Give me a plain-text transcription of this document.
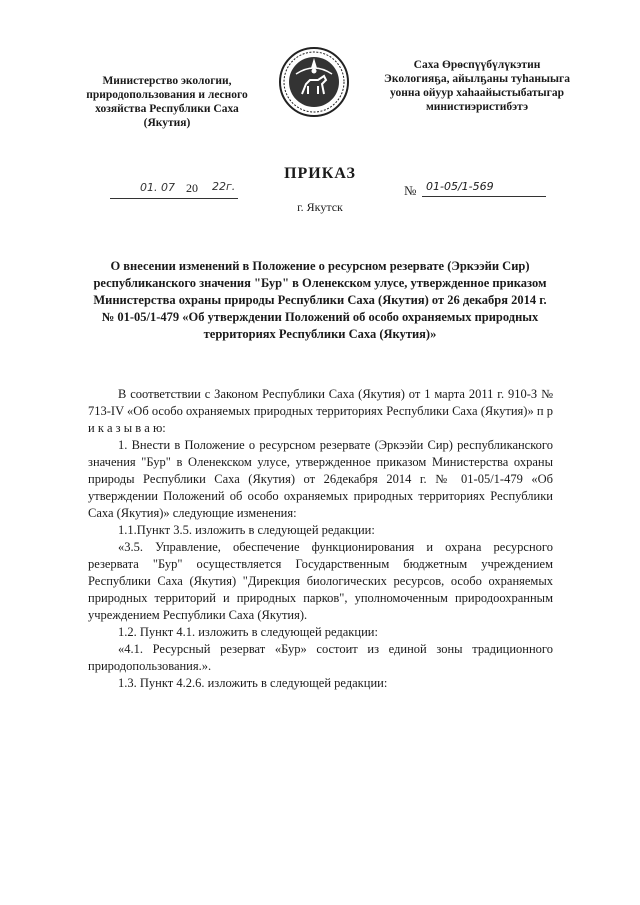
Министерство экологии,
природопользования и лесного
хозяйства Республики Саха (Якутия)
Саха Өрөспүүбүлүкэтин
Экологияҕа, айылҕаны туһаныыга
уонна ойуур хаһаайыстыбатыгар
министиэристибэтэ
ПРИКАЗ
01. 07 20 22г.	№ 01-05/1-569
г. Якутск
О внесении изменений в Положение о ресурсном резервате (Эркээйи Сир) республиканского значения "Бур" в Оленекском улусе, утвержденное приказом Министерства охраны природы Республики Саха (Якутия) от 26 декабря 2014 г. № 01-05/1-479 «Об утверждении Положений об особо охраняемых природных территориях Республики Саха (Якутия)»

В соответствии с Законом Республики Саха (Якутия) от 1 марта 2011 г. 910-З № 713-IV «Об особо охраняемых природных территориях Республики Саха (Якутия)» п р и к а з ы в а ю:

1. Внести в Положение о ресурсном резервате (Эркээйи Сир) республиканского значения "Бур" в Оленекском улусе, утвержденное приказом Министерства охраны природы Республики Саха (Якутия) от 26декабря 2014 г. № 01-05/1-479 «Об утверждении Положений об особо охраняемых природных территориях Республики Саха (Якутия)» следующие изменения:

1.1.Пункт 3.5. изложить в следующей редакции:

«3.5. Управление, обеспечение функционирования и охрана ресурсного резервата "Бур" осуществляется Государственным бюджетным учреждением Республики Саха (Якутия) "Дирекция биологических ресурсов, особо охраняемых природных территорий и природных парков", уполномоченным природоохранным учреждением Республики Саха (Якутия).

1.2. Пункт 4.1. изложить в следующей редакции:

«4.1. Ресурсный резерват «Бур» состоит из единой зоны традиционного природопользования.».

1.3. Пункт 4.2.6. изложить в следующей редакции:
